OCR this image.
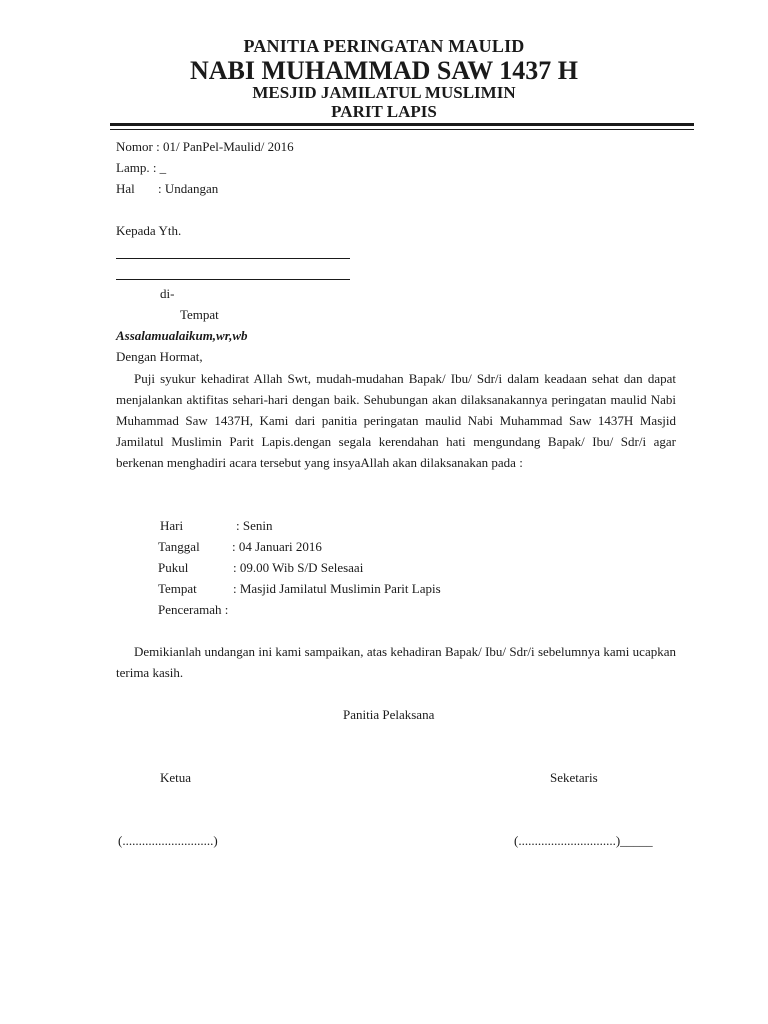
PANITIA PERINGATAN MAULID
NABI MUHAMMAD SAW 1437 H
MESJID JAMILATUL MUSLIMIN
PARIT LAPIS
Nomor : 01/ PanPel-Maulid/ 2016
Lamp. : _
Hal : Undangan
Kepada Yth.
di-
Tempat
Assalamualaikum,wr,wb
Dengan Hormat,

Puji syukur kehadirat Allah Swt, mudah-mudahan Bapak/ Ibu/ Sdr/i dalam keadaan sehat dan dapat menjalankan aktifitas sehari-hari dengan baik. Sehubungan akan dilaksanakannya peringatan maulid Nabi Muhammad Saw 1437H, Kami dari panitia peringatan maulid Nabi Muhammad Saw 1437H Masjid Jamilatul Muslimin Parit Lapis.dengan segala kerendahan hati mengundang Bapak/ Ibu/ Sdr/i agar berkenan menghadiri acara tersebut yang insyaAllah akan dilaksanakan pada :

Hari	: Senin
Tanggal : 04 Januari 2016
Pukul	: 09.00 Wib S/D Selesaai
Tempat	: Masjid Jamilatul Muslimin Parit Lapis
Penceramah :

Demikianlah undangan ini kami sampaikan, atas kehadiran Bapak/ Ibu/ Sdr/i sebelumnya kami ucapkan terima kasih.

Panitia Pelaksana
Ketua	Seketaris
(............................)	(..............................)_____
